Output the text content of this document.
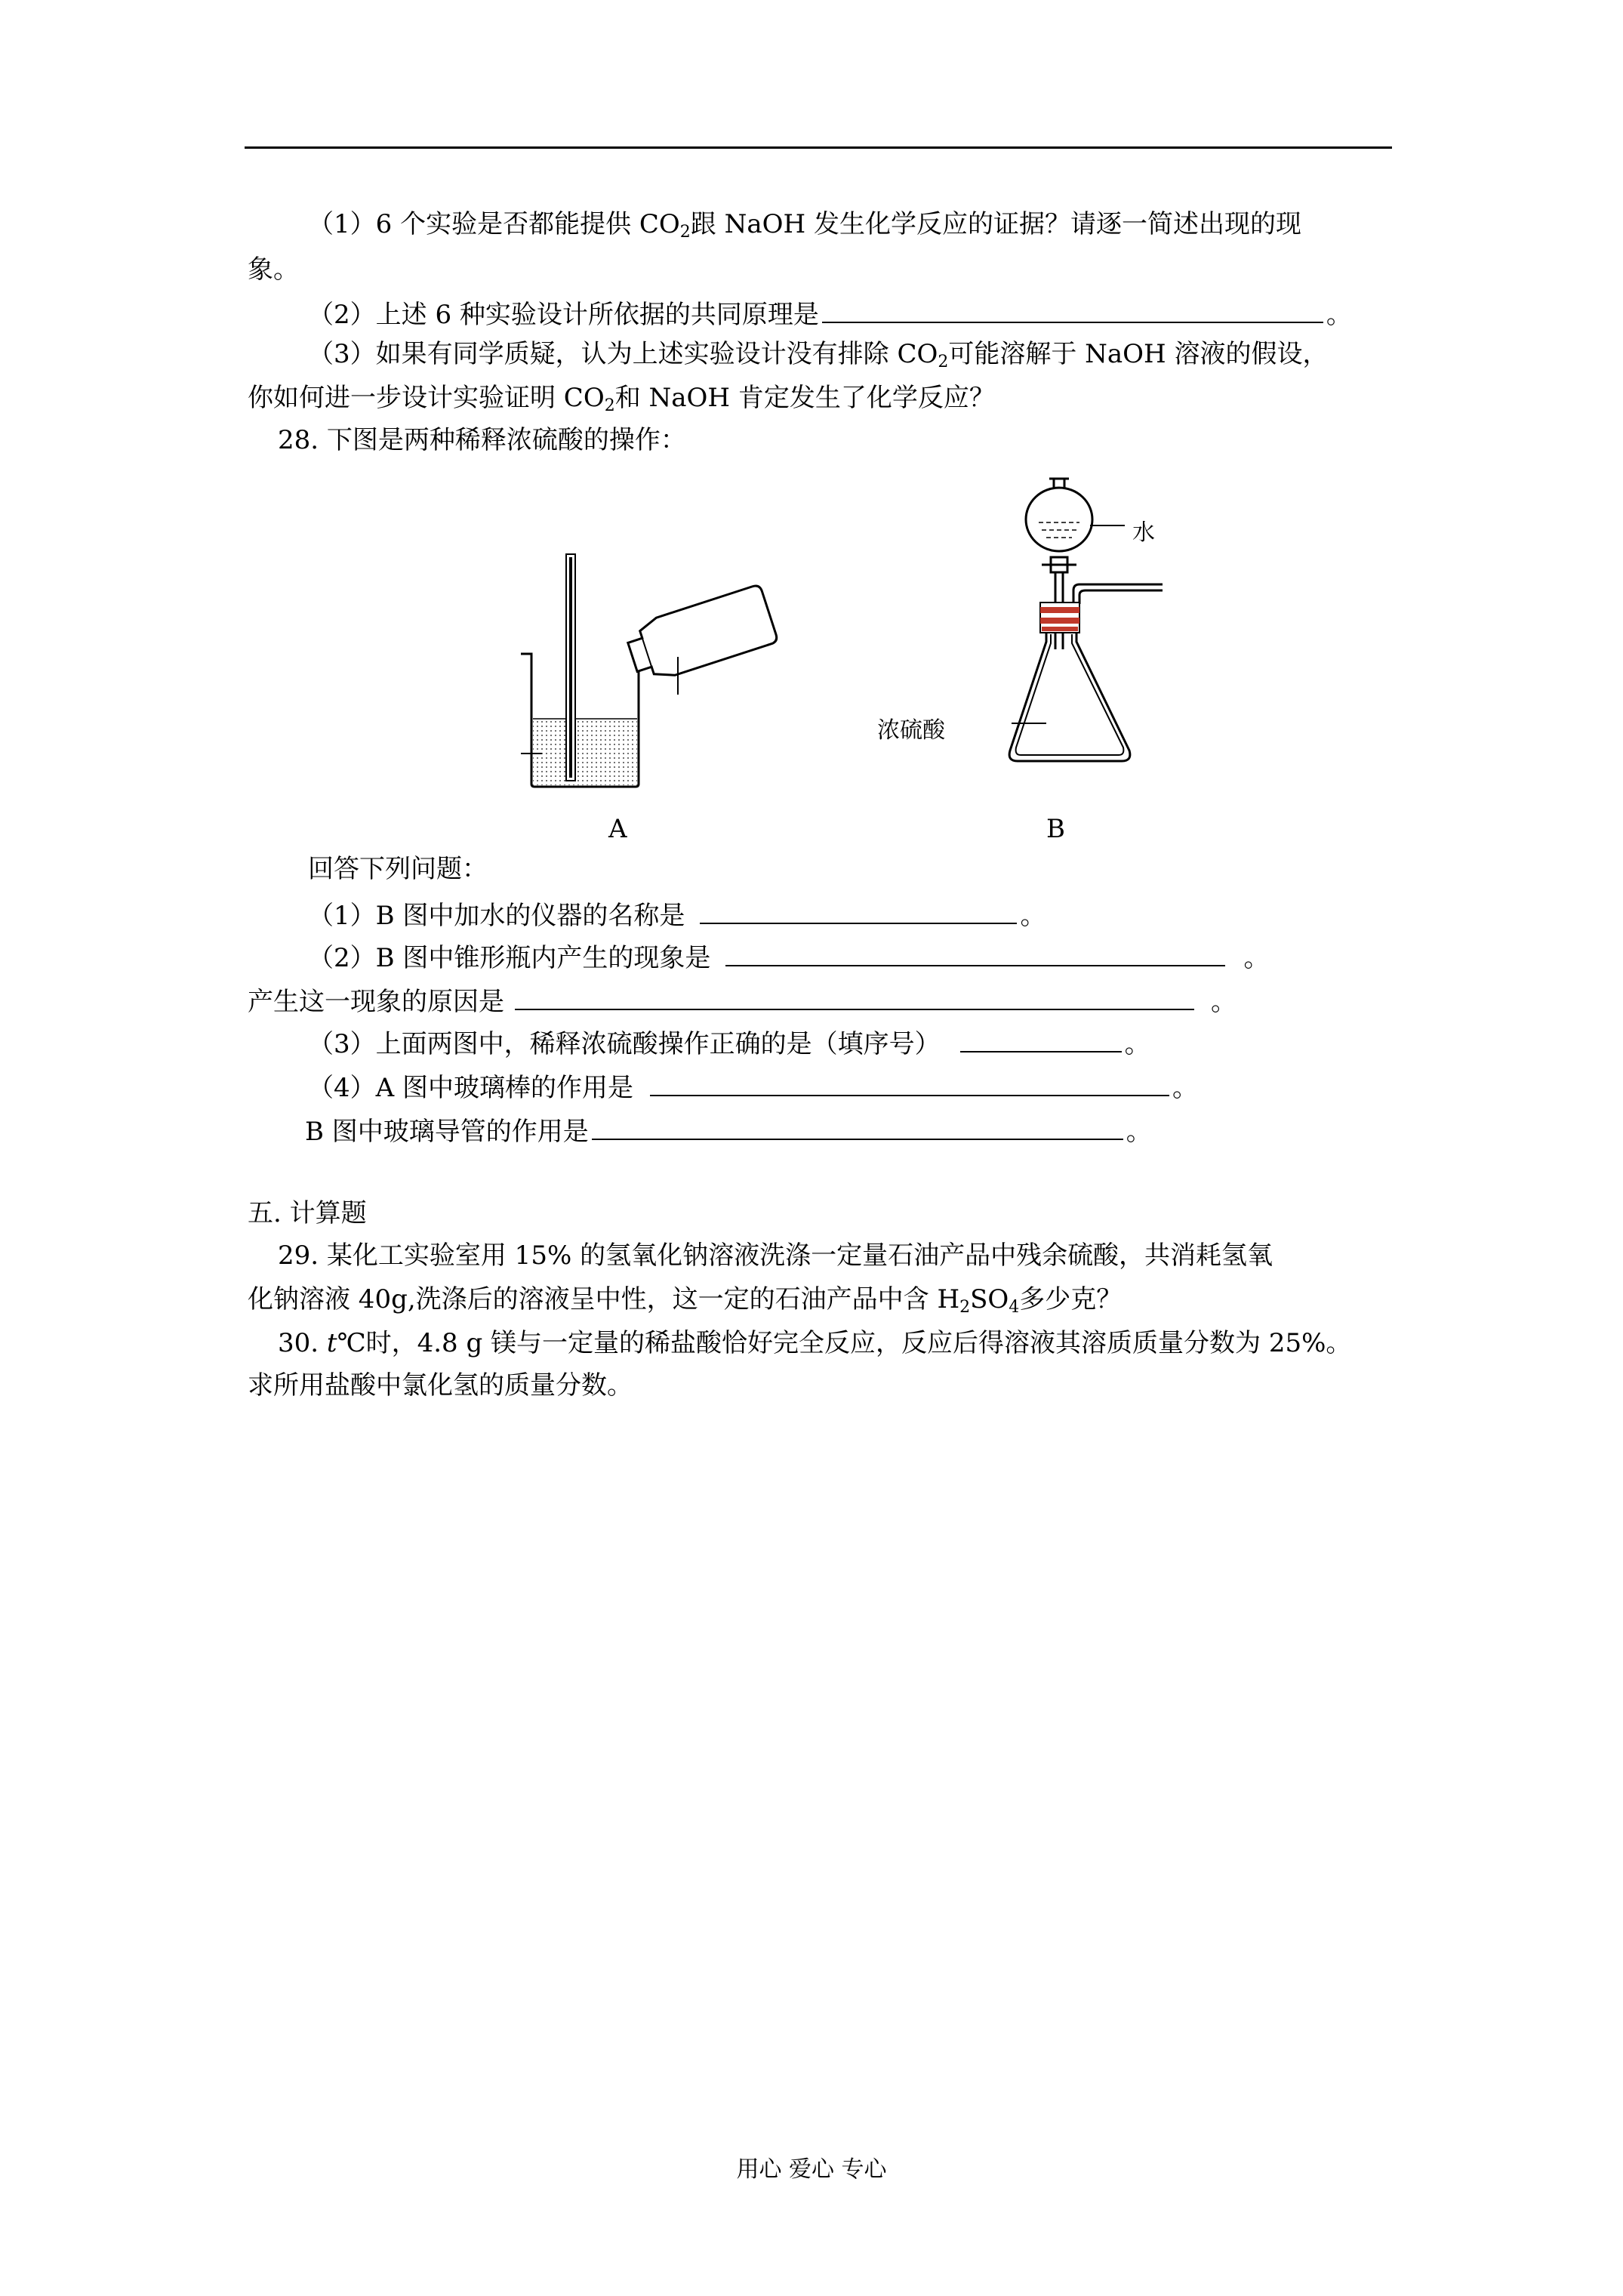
（1）6 个实验是否都能提供 $CO_2$跟 NaOH 发生化学反应的证据？请逐一简述出现的现
象。
（2）上述 6 种实验设计所依据的共同原理是	。
（3）如果有同学质疑，认为上述实验设计没有排除 $CO_2$可能溶解于 NaOH 溶液的假设，
你如何进一步设计实验证明 $CO_2$和 NaOH 肯定发生了化学反应？
28. 下图是两种稀释浓硫酸的操作：
水
浓硫酸
A	B
回答下列问题：
（1）B 图中加水的仪器的名称是	。
（2）B 图中锥形瓶内产生的现象是	。
产生这一现象的原因是	。
（3）上面两图中，稀释浓硫酸操作正确的是（填序号）	。
（4）A 图中玻璃棒的作用是	。
B 图中玻璃导管的作用是	。
五. 计算题
29. 某化工实验室用 15% 的氢氧化钠溶液洗涤一定量石油产品中残余硫酸，共消耗氢氧
化钠溶液 40g,洗涤后的溶液呈中性，这一定的石油产品中含 $H_2SO_4$多少克？
30. t℃时，4.8 g 镁与一定量的稀盐酸恰好完全反应，反应后得溶液其溶质质量分数为 25%。
求所用盐酸中氯化氢的质量分数。
用心 爱心 专心
